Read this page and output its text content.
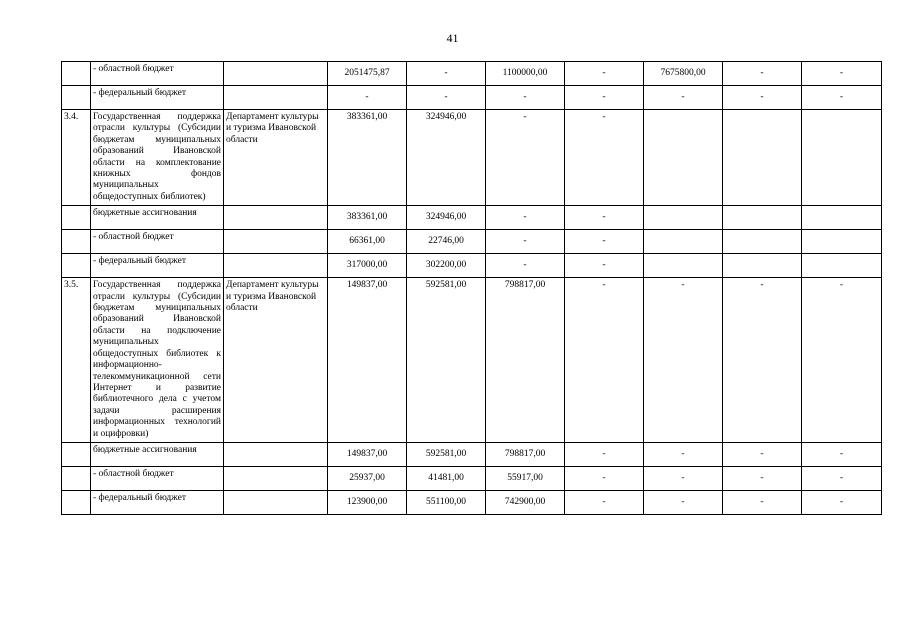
41
	- областной бюджет		2051475,87	-	1100000,00	-	7675800,00	-	-
	- федеральный бюджет		-	-	-	-	-	-	-
3.4.	Государственная поддержка отрасли культуры (Субсидии бюджетам муниципальных образований Ивановской области на комплектование книжных фондов муниципальных общедоступных библиотек)	Департамент культуры и туризма Ивановской области	383361,00	324946,00	-	-			
	бюджетные ассигнования		383361,00	324946,00	-	-			
	- областной бюджет		66361,00	22746,00	-	-			
	- федеральный бюджет		317000,00	302200,00	-	-			
3.5.	Государственная поддержка отрасли культуры (Субсидии бюджетам муниципальных образований Ивановской области на подключение муниципальных общедоступных библиотек к информационно-телекоммуникационной сети Интернет и развитие библиотечного дела с учетом задачи расширения информационных технологий и оцифровки)	Департамент культуры и туризма Ивановской области	149837,00	592581,00	798817,00	-	-	-	-
	бюджетные ассигнования		149837,00	592581,00	798817,00	-	-	-	-
	- областной бюджет		25937,00	41481,00	55917,00	-	-	-	-
	- федеральный бюджет		123900,00	551100,00	742900,00	-	-	-	-
